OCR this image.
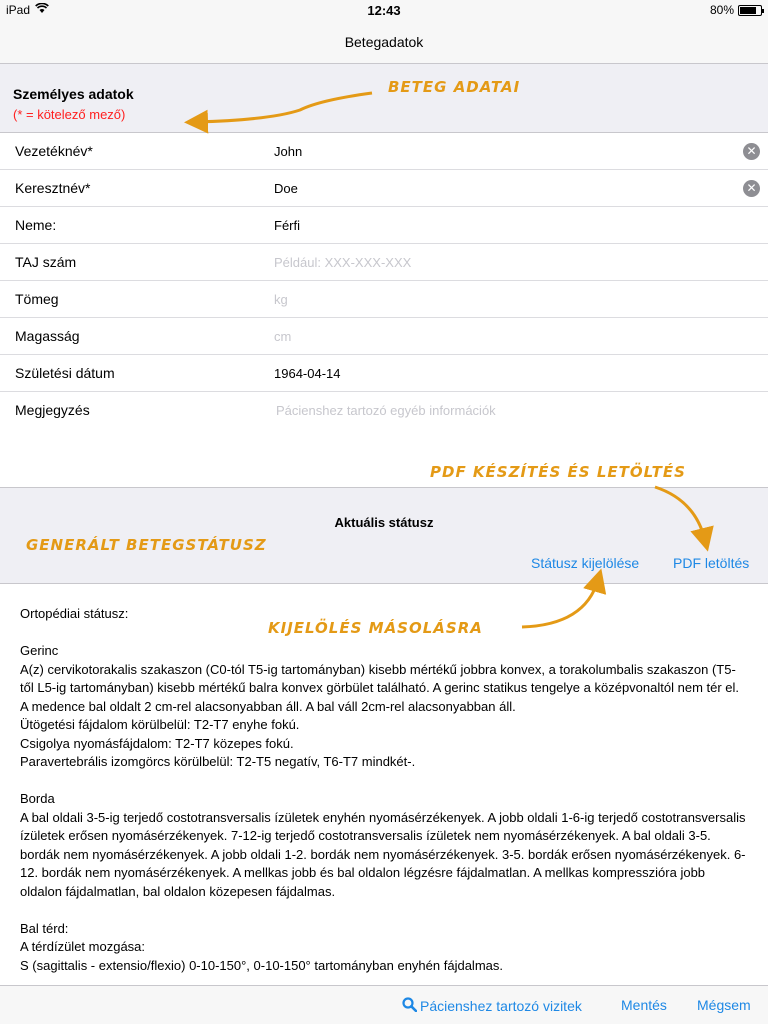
iPad	12:43	80%
Betegadatok
Személyes adatok
(* = kötelező mező)
Vezetéknév*	John	✕
Keresztnév*	Doe	✕
Neme:	Férfi
TAJ szám	Például: XXX-XXX-XXX
Tömeg	kg
Magasság	cm
Születési dátum	1964-04-14
Megjegyzés	Pácienshez tartozó egyéb információk
Aktuális státusz
Státusz kijelölése PDF letöltés

Ortopédiai státusz:

Gerinc
A(z) cervikotorakalis szakaszon (C0-tól T5-ig tartományban) kisebb mértékű jobbra konvex, a torakolumbalis szakaszon (T5-től L5-ig tartományban) kisebb mértékű balra konvex görbület található. A gerinc statikus tengelye a középvonaltól nem tér el. A medence bal oldalt 2 cm-rel alacsonyabban áll. A bal váll 2cm-rel alacsonyabban áll.
Ütögetési fájdalom körülbelül: T2-T7 enyhe fokú.
Csigolya nyomásfájdalom: T2-T7 közepes fokú.
Paravertebrális izomgörcs körülbelül: T2-T5 negatív, T6-T7 mindkét-.

Borda
A bal oldali 3-5-ig terjedő costotransversalis ízületek enyhén nyomásérzékenyek. A jobb oldali 1-6-ig terjedő costotransversalis ízületek erősen nyomásérzékenyek. 7-12-ig terjedő costotransversalis ízületek nem nyomásérzékenyek. A bal oldali 3-5. bordák nem nyomásérzékenyek. A jobb oldali 1-2. bordák nem nyomásérzékenyek. 3-5. bordák erősen nyomásérzékenyek. 6-12. bordák nem nyomásérzékenyek. A mellkas jobb és bal oldalon légzésre fájdalmatlan. A mellkas kompresszióra jobb oldalon fájdalmatlan, bal oldalon közepesen fájdalmas.

Bal térd:
A térdízület mozgása:
S (sagittalis - extensio/flexio) 0-10-150°, 0-10-150° tartományban enyhén fájdalmas.

Pácienshez tartozó vizitek	Mentés Mégsem
BETEG ADATAI
PDF KÉSZÍTÉS ÉS LETÖLTÉS
GENERÁLT BETEGSTÁTUSZ
KIJELÖLÉS MÁSOLÁSRA
